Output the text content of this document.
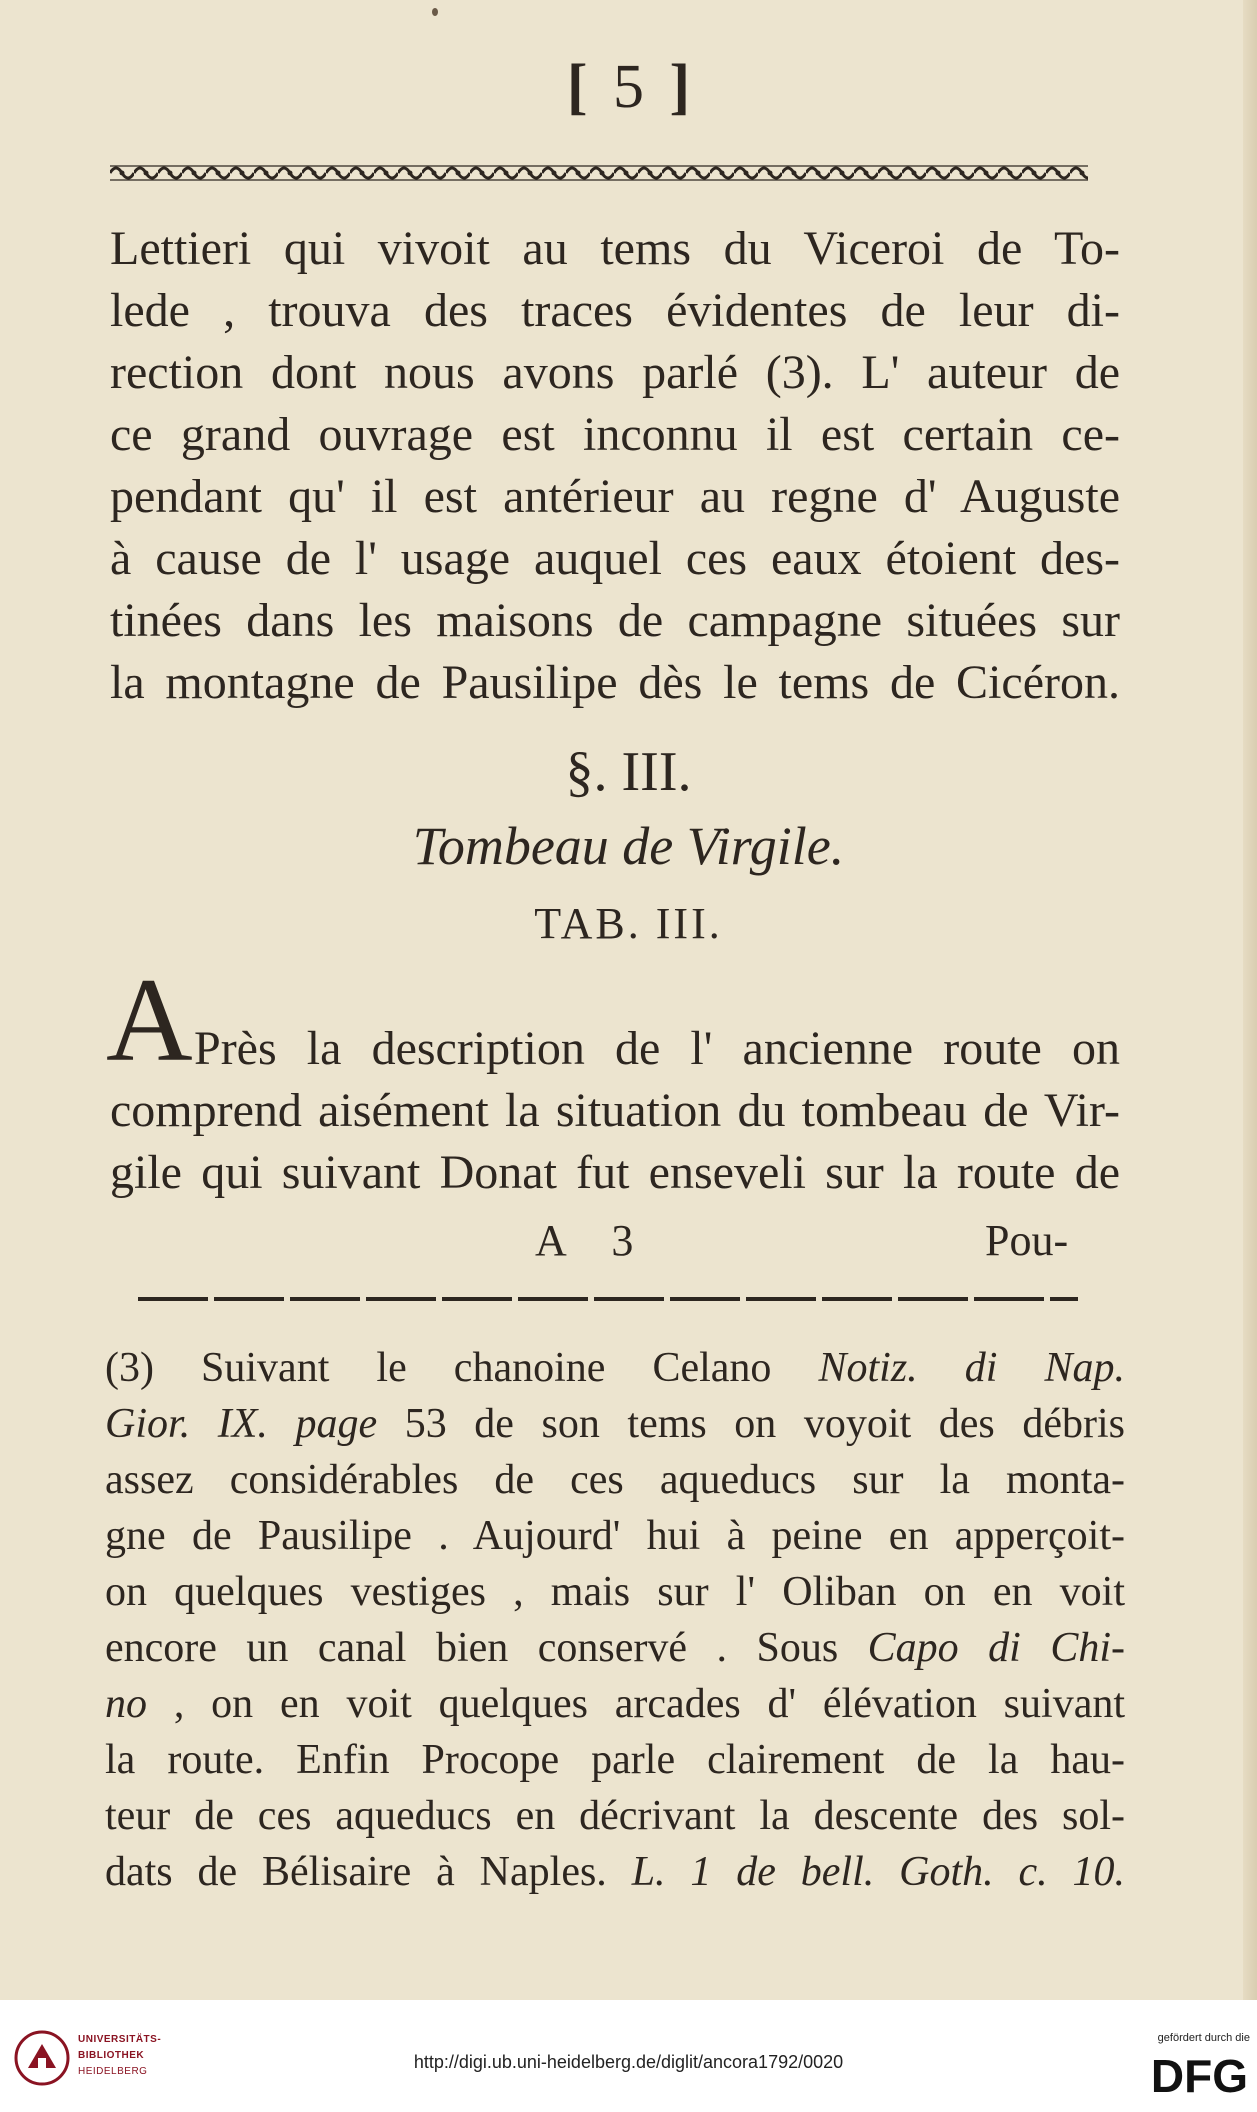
[ 5 ]
Lettieri qui vivoit au tems du Viceroi de To-
lede , trouva des traces évidentes de leur di-
rection dont nous avons parlé (3). L' auteur de
ce grand ouvrage est inconnu il est certain ce-
pendant qu' il est antérieur au regne d' Auguste
à cause de l' usage auquel ces eaux étoient des-
tinées dans les maisons de campagne situées sur
la montagne de Pausilipe dès le tems de Cicéron.
§. III.
Tombeau de Virgile.
TAB. III.
A Près la description de l' ancienne route on
comprend aisément la situation du tombeau de Vir-
gile qui suivant Donat fut enseveli sur la route de
A 3	Pou-
(3) Suivant le chanoine Celano Notiz. di Nap.
Gior. IX. page 53 de son tems on voyoit des débris
assez considérables de ces aqueducs sur la monta-
gne de Pausilipe . Aujourd' hui à peine en apperçoit-
on quelques vestiges , mais sur l' Oliban on en voit
encore un canal bien conservé . Sous Capo di Chi-
no , on en voit quelques arcades d' élévation suivant
la route. Enfin Procope parle clairement de la hau-
teur de ces aqueducs en décrivant la descente des sol-
dats de Bélisaire à Naples. L. 1 de bell. Goth. c. 10.
UNIVERSITÄTS-
BIBLIOTHEK
HEIDELBERG	http://digi.ub.uni-heidelberg.de/diglit/ancora1792/0020
gefördert durch die
DFG
